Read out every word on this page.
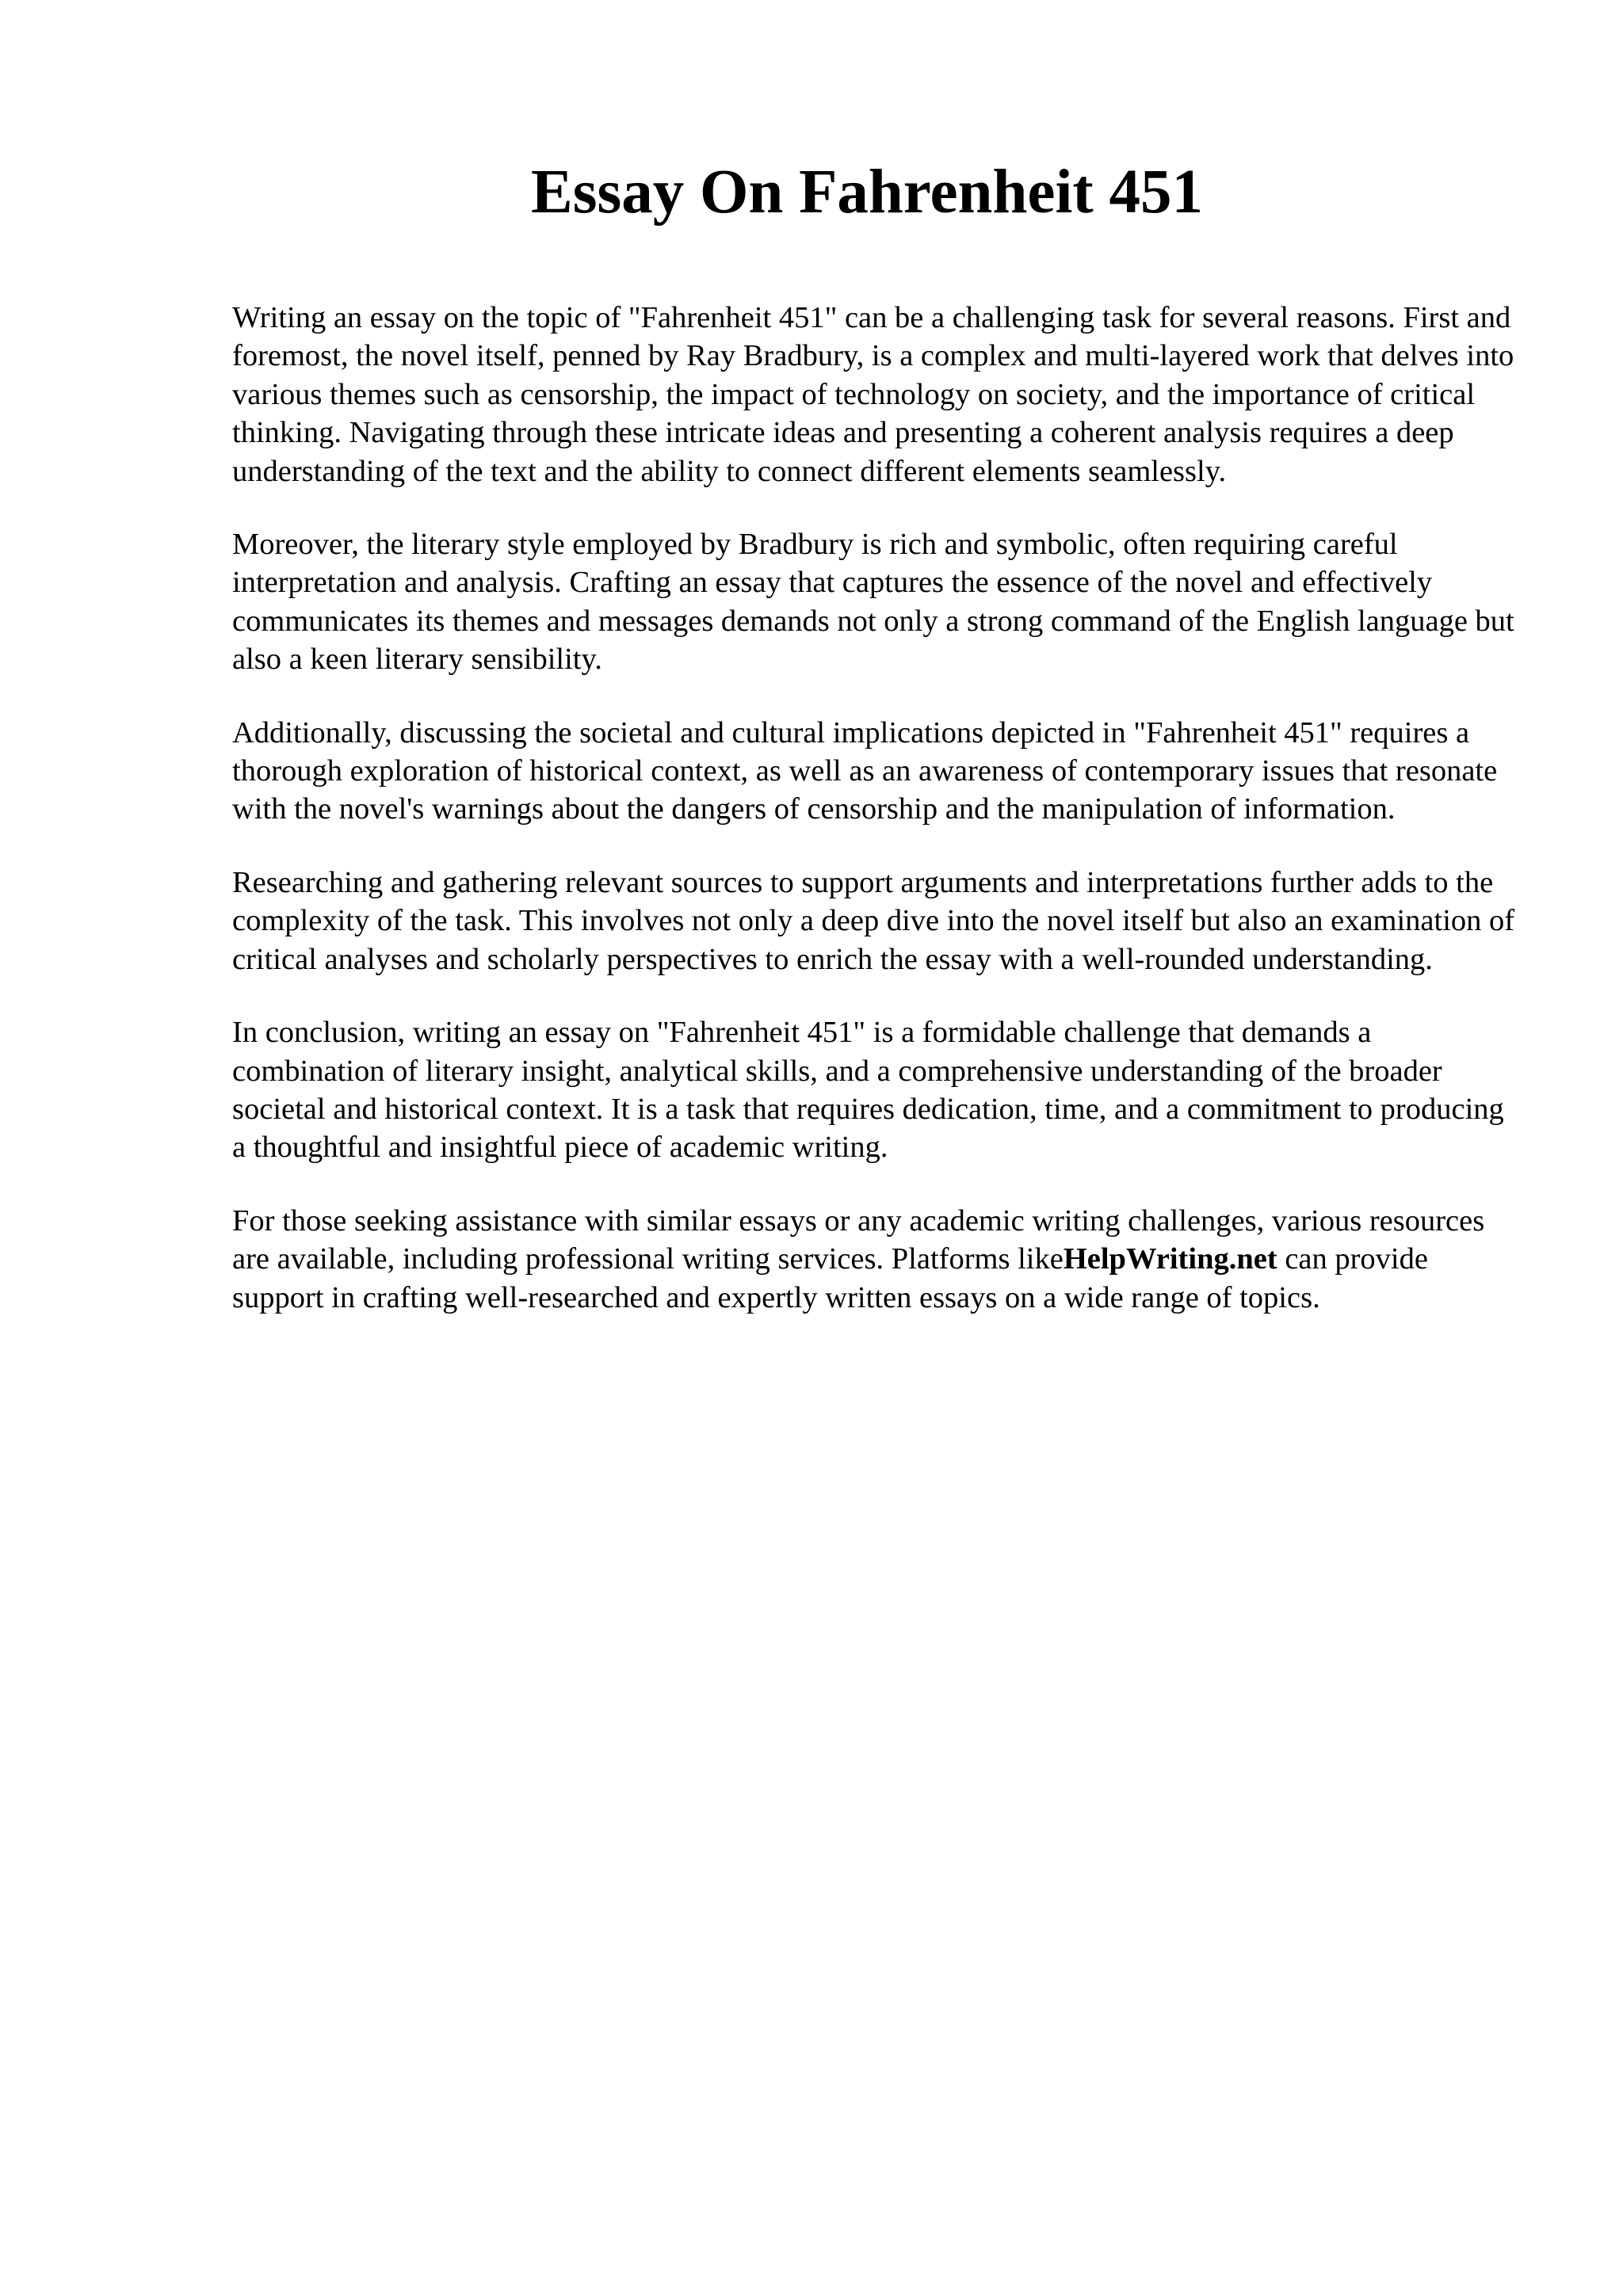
Essay On Fahrenheit 451

Writing an essay on the topic of "Fahrenheit 451" can be a challenging task for several reasons. First and foremost, the novel itself, penned by Ray Bradbury, is a complex and multi-layered work that delves into various themes such as censorship, the impact of technology on society, and the importance of critical thinking. Navigating through these intricate ideas and presenting a coherent analysis requires a deep understanding of the text and the ability to connect different elements seamlessly.

Moreover, the literary style employed by Bradbury is rich and symbolic, often requiring careful interpretation and analysis. Crafting an essay that captures the essence of the novel and effectively communicates its themes and messages demands not only a strong command of the English language but also a keen literary sensibility.

Additionally, discussing the societal and cultural implications depicted in "Fahrenheit 451" requires a thorough exploration of historical context, as well as an awareness of contemporary issues that resonate with the novel's warnings about the dangers of censorship and the manipulation of information.

Researching and gathering relevant sources to support arguments and interpretations further adds to the complexity of the task. This involves not only a deep dive into the novel itself but also an examination of critical analyses and scholarly perspectives to enrich the essay with a well-rounded understanding.

In conclusion, writing an essay on "Fahrenheit 451" is a formidable challenge that demands a combination of literary insight, analytical skills, and a comprehensive understanding of the broader societal and historical context. It is a task that requires dedication, time, and a commitment to producing a thoughtful and insightful piece of academic writing.

For those seeking assistance with similar essays or any academic writing challenges, various resources are available, including professional writing services. Platforms likeHelpWriting.net can provide support in crafting well-researched and expertly written essays on a wide range of topics.
